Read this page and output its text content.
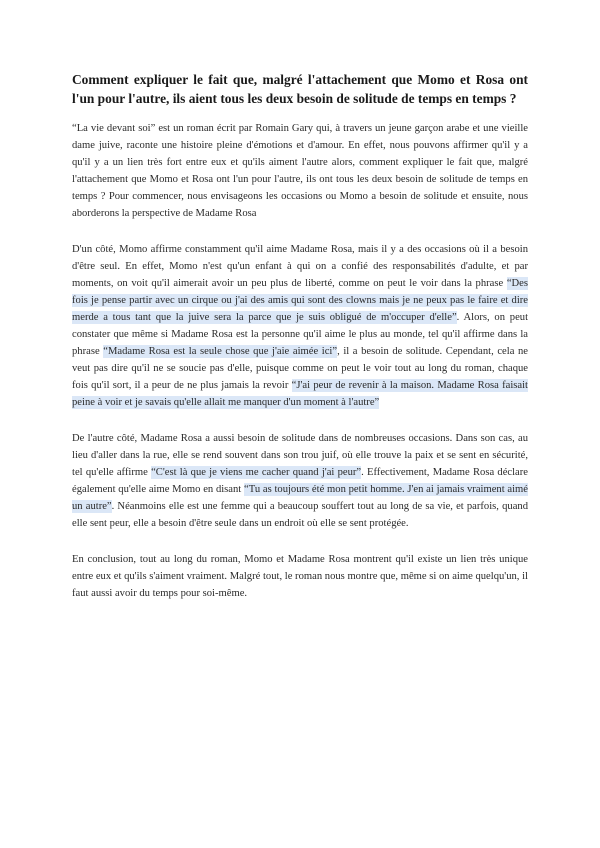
Comment expliquer le fait que, malgré l'attachement que Momo et Rosa ont l'un pour l'autre, ils aient tous les deux besoin de solitude de temps en temps ?

“La vie devant soi” est un roman écrit par Romain Gary qui, à travers un jeune garçon arabe et une vieille dame juive, raconte une histoire pleine d'émotions et d'amour. En effet, nous pouvons affirmer qu'il y a qu'il y a un lien très fort entre eux et qu'ils aiment l'autre alors, comment expliquer le fait que, malgré l'attachement que Momo et Rosa ont l'un pour l'autre, ils ont tous les deux besoin de solitude de temps en temps ? Pour commencer, nous envisageons les occasions ou Momo a besoin de solitude et ensuite, nous aborderons la perspective de Madame Rosa

D'un côté, Momo affirme constamment qu'il aime Madame Rosa, mais il y a des occasions où il a besoin d'être seul. En effet, Momo n'est qu'un enfant à qui on a confié des responsabilités d'adulte, et par moments, on voit qu'il aimerait avoir un peu plus de liberté, comme on peut le voir dans la phrase “Des fois je pense partir avec un cirque ou j'ai des amis qui sont des clowns mais je ne peux pas le faire et dire merde a tous tant que la juive sera la parce que je suis obligué de m'occuper d'elle”. Alors, on peut constater que même si Madame Rosa est la personne qu'il aime le plus au monde, tel qu'il affirme dans la phrase “Madame Rosa est la seule chose que j'aie aimée ici”, il a besoin de solitude. Cependant, cela ne veut pas dire qu'il ne se soucie pas d'elle, puisque comme on peut le voir tout au long du roman, chaque fois qu'il sort, il a peur de ne plus jamais la revoir “J'ai peur de revenir à la maison. Madame Rosa faisait peine à voir et je savais qu'elle allait me manquer d'un moment à l'autre”

De l'autre côté, Madame Rosa a aussi besoin de solitude dans de nombreuses occasions. Dans son cas, au lieu d'aller dans la rue, elle se rend souvent dans son trou juif, où elle trouve la paix et se sent en sécurité, tel qu'elle affirme “C'est là que je viens me cacher quand j'ai peur”. Effectivement, Madame Rosa déclare également qu'elle aime Momo en disant “Tu as toujours été mon petit homme. J'en ai jamais vraiment aimé un autre”. Néanmoins elle est une femme qui a beaucoup souffert tout au long de sa vie, et parfois, quand elle sent peur, elle a besoin d'être seule dans un endroit où elle se sent protégée.

En conclusion, tout au long du roman, Momo et Madame Rosa montrent qu'il existe un lien très unique entre eux et qu'ils s'aiment vraiment. Malgré tout, le roman nous montre que, même si on aime quelqu'un, il faut aussi avoir du temps pour soi-même.
